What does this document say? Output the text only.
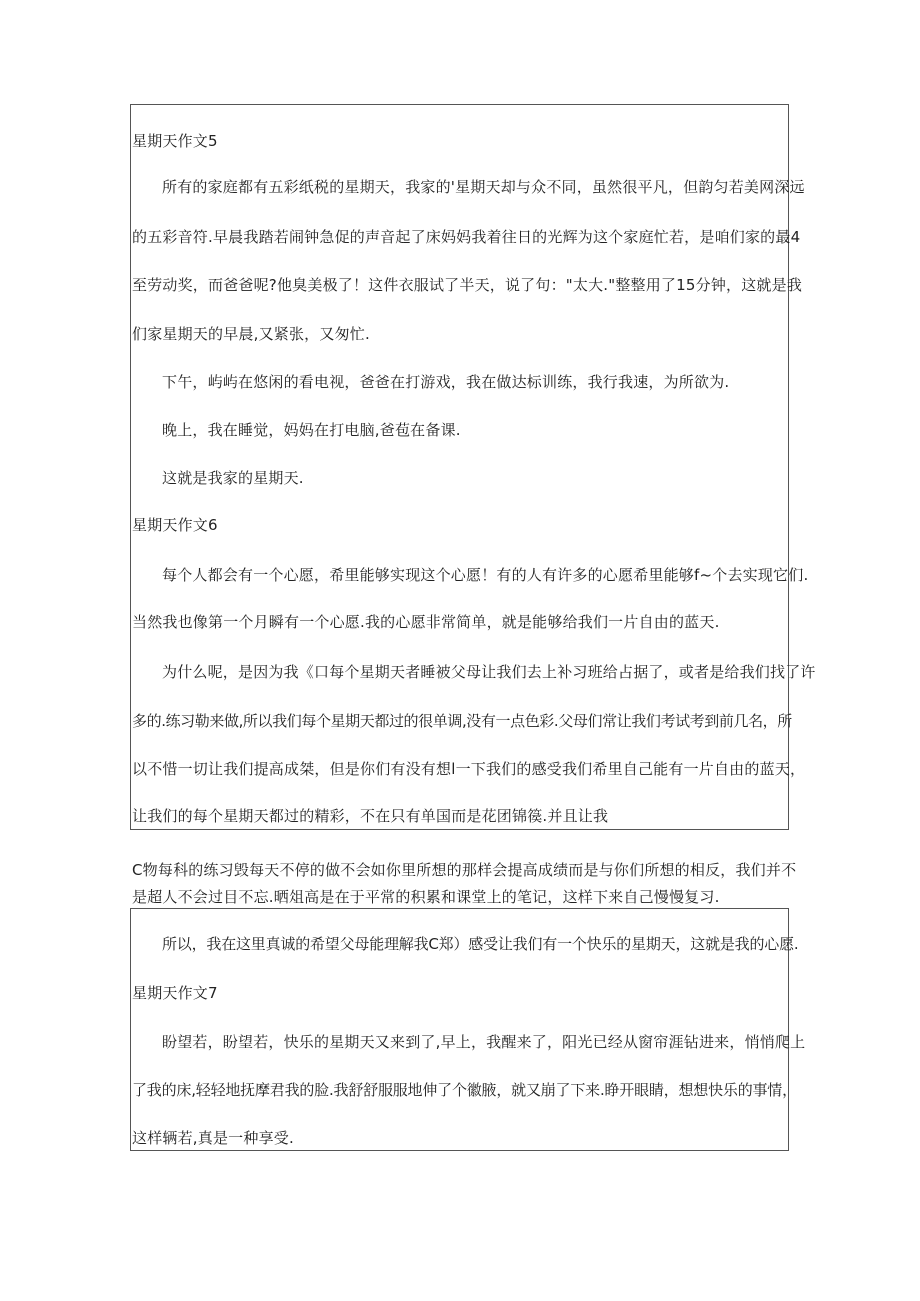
星期天作文5
所有的家庭都有五彩纸税的星期天，我家的'星期天却与众不同，虽然很平凡，但韵匀若美网深远
的五彩音符.早晨我踏若闹钟急促的声音起了床妈妈我着往日的光辉为这个家庭忙若，是咱们家的最4
至劳动奖，而爸爸呢?他臭美极了！这件衣服试了半天，说了句："太大."整整用了15分钟，这就是我
们家星期天的早晨,又紧张，又匆忙.
下午，屿屿在悠闲的看电视，爸爸在打游戏，我在做达标训练，我行我速，为所欲为.
晚上，我在睡觉，妈妈在打电脑,爸苞在备课.
这就是我家的星期天.
星期天作文6
每个人都会有一个心愿，希里能够实现这个心愿！有的人有许多的心愿希里能够f~个去实现它们.
当然我也像第一个月瞬有一个心愿.我的心愿非常简单，就是能够给我们一片自由的蓝天.
为什么呢，是因为我《口每个星期天者睡被父母让我们去上补习班给占据了，或者是给我们找了许
多的.练习勒来做,所以我们每个星期天都过的很单调,没有一点色彩.父母们常让我们考试考到前几名，所
以不惜一切让我们提高成桀，但是你们有没有想l一下我们的感受我们希里自己能有一片自由的蓝天，
让我们的每个星期天都过的精彩，不在只有单国而是花团锦篌.并且让我
C物每科的练习毁每天不停的做不会如你里所想的那样会提高成绩而是与你们所想的相反，我们并不
是超人不会过目不忘.晒俎高是在于平常的积累和课堂上的笔记，这样下来自己慢慢复习.
所以，我在这里真诚的希望父母能理解我C郑）感受让我们有一个快乐的星期天，这就是我的心愿.
星期天作文7
盼望若，盼望若，快乐的星期天又来到了,早上，我醒来了，阳光已经从窗帘涯钻进来，悄悄爬上
了我的床,轻轻地抚摩君我的脸.我舒舒服服地伸了个徽腋，就又崩了下来.睁开眼睛，想想快乐的事情，
这样辆若,真是一种享受.
